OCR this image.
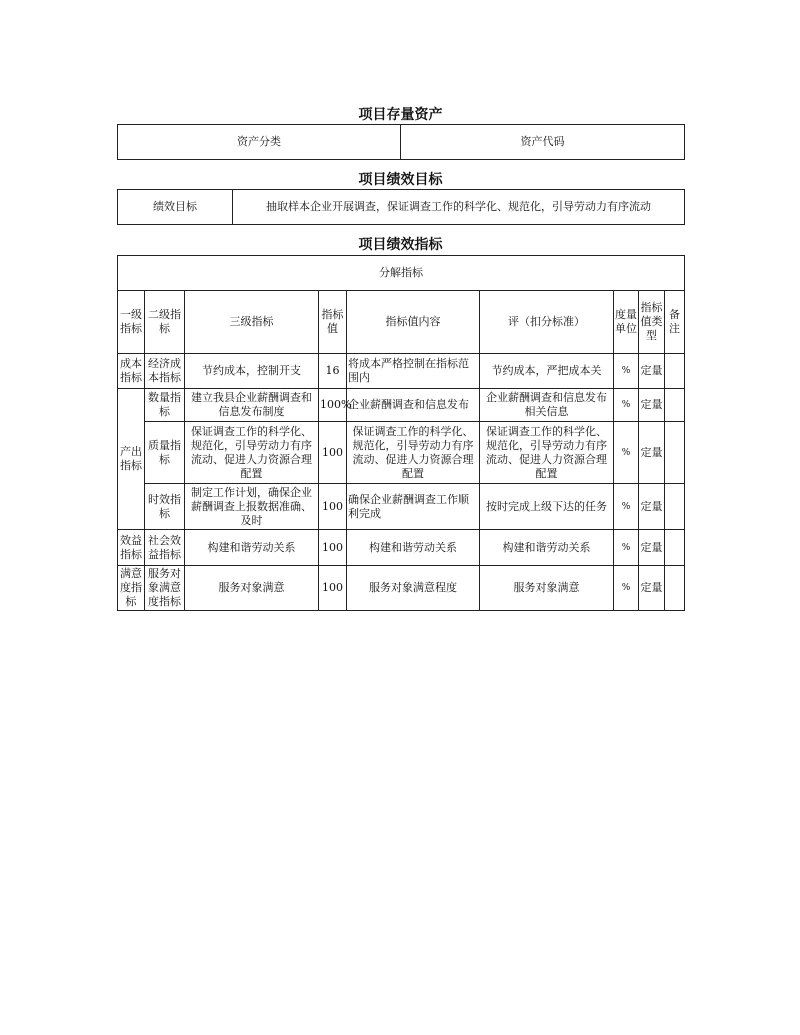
项目存量资产
资产分类	资产代码
项目绩效目标
绩效目标	抽取样本企业开展调查，保证调查工作的科学化、规范化，引导劳动力有序流动
项目绩效指标
分解指标								
一级指标	二级指标	三级指标	指标值	指标值内容	评（扣分标准）	度量单位	指标值类型	备注
成本指标	经济成本指标	节约成本，控制开支	16	将成本严格控制在指标范围内	节约成本，严把成本关	%	定量	
产出指标	数量指标	建立我县企业薪酬调查和信息发布制度	100%	企业薪酬调查和信息发布	企业薪酬调查和信息发布相关信息	%	定量	
	质量指标	保证调查工作的科学化、规范化，引导劳动力有序流动、促进人力资源合理配置	100	保证调查工作的科学化、规范化，引导劳动力有序流动、促进人力资源合理配置	保证调查工作的科学化、规范化，引导劳动力有序流动、促进人力资源合理配置	%	定量	
	时效指标	制定工作计划，确保企业薪酬调查上报数据准确、及时	100	确保企业薪酬调查工作顺利完成	按时完成上级下达的任务	%	定量	
效益指标	社会效益指标	构建和谐劳动关系	100	构建和谐劳动关系	构建和谐劳动关系	%	定量	
满意度指标	服务对象满意度指标	服务对象满意	100	服务对象满意程度	服务对象满意	%	定量	
